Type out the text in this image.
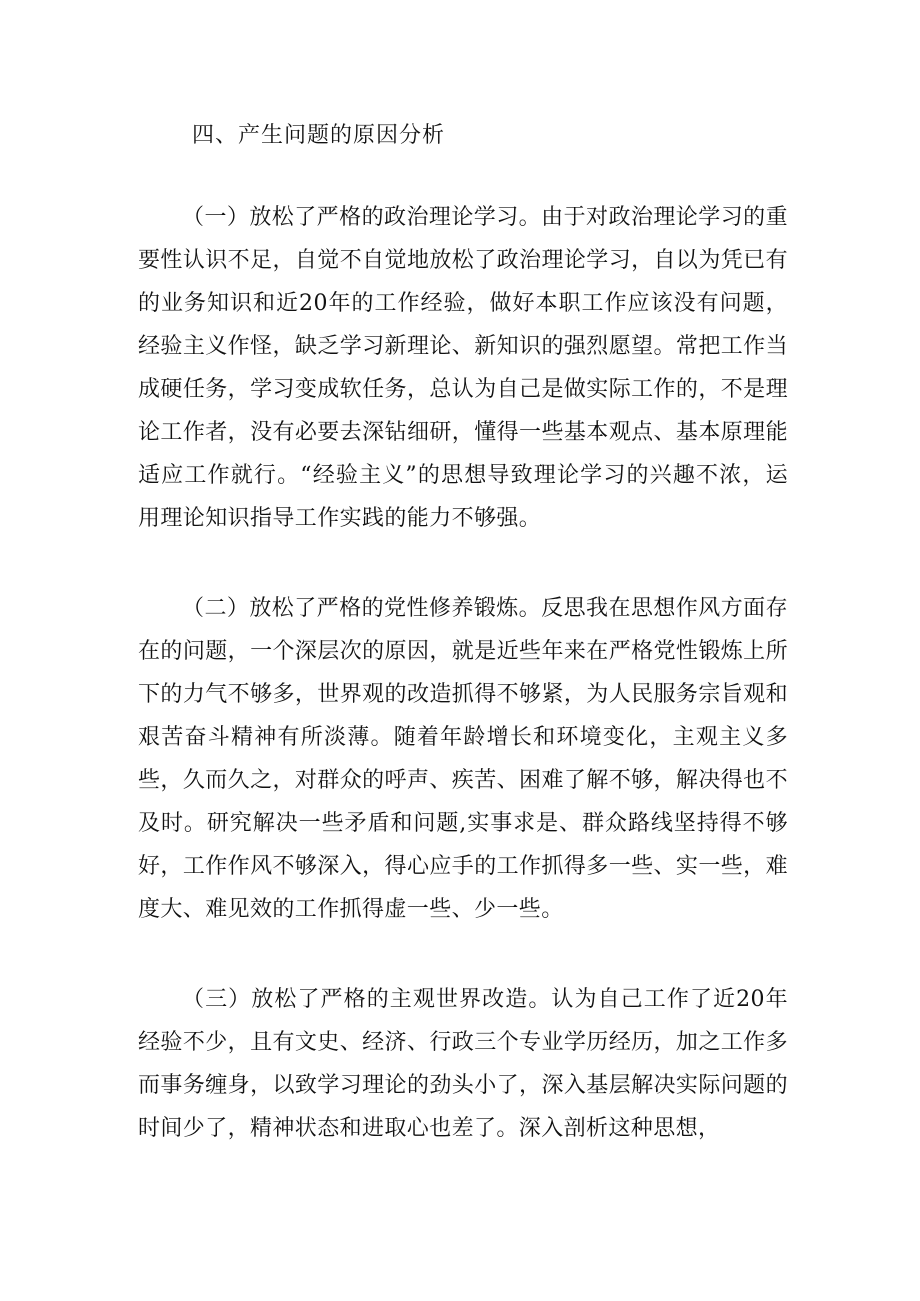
四、产生问题的原因分析

（一）放松了严格的政治理论学习。由于对政治理论学习的重要性认识不足，自觉不自觉地放松了政治理论学习，自以为凭已有的业务知识和近20年的工作经验，做好本职工作应该没有问题，经验主义作怪，缺乏学习新理论、新知识的强烈愿望。常把工作当成硬任务，学习变成软任务，总认为自己是做实际工作的，不是理论工作者，没有必要去深钻细研，懂得一些基本观点、基本原理能适应工作就行。“经验主义”的思想导致理论学习的兴趣不浓，运用理论知识指导工作实践的能力不够强。

（二）放松了严格的党性修养锻炼。反思我在思想作风方面存在的问题，一个深层次的原因，就是近些年来在严格党性锻炼上所下的力气不够多，世界观的改造抓得不够紧，为人民服务宗旨观和艰苦奋斗精神有所淡薄。随着年龄增长和环境变化，主观主义多些，久而久之，对群众的呼声、疾苦、困难了解不够，解决得也不及时。研究解决一些矛盾和问题,实事求是、群众路线坚持得不够好，工作作风不够深入，得心应手的工作抓得多一些、实一些，难度大、难见效的工作抓得虚一些、少一些。

（三）放松了严格的主观世界改造。认为自己工作了近20年经验不少，且有文史、经济、行政三个专业学历经历，加之工作多而事务缠身，以致学习理论的劲头小了，深入基层解决实际问题的时间少了，精神状态和进取心也差了。深入剖析这种思想，
